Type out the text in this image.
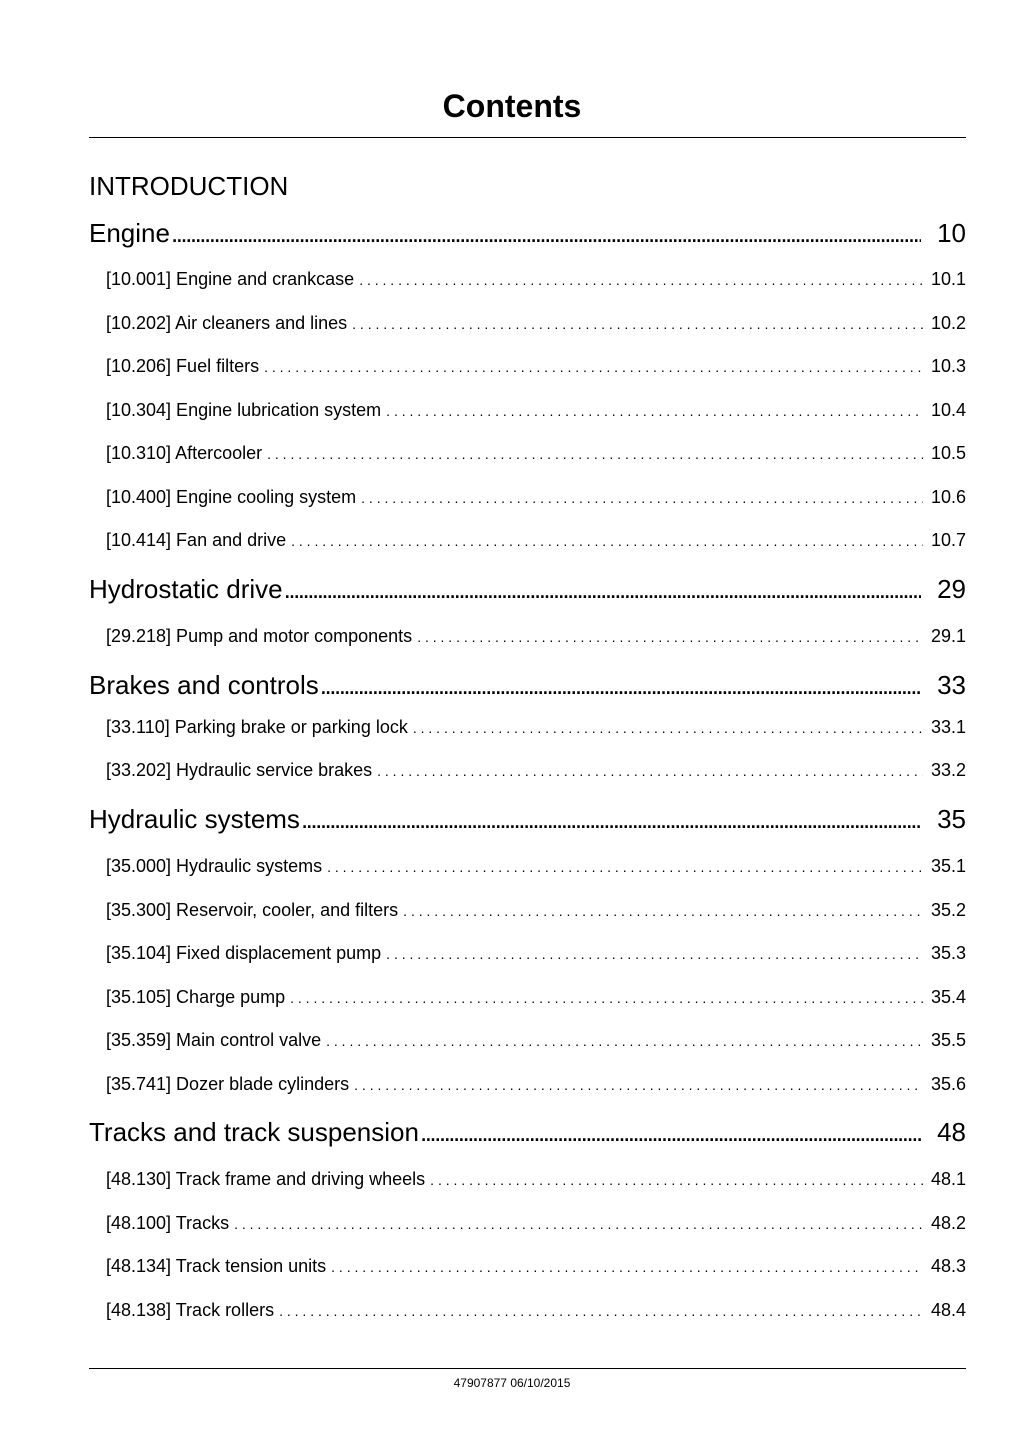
Contents
INTRODUCTION
Engine .....	10
[10.001] Engine and crankcase . . .	10.1
[10.202] Air cleaners and lines . . .	10.2
[10.206] Fuel filters . . .	10.3
[10.304] Engine lubrication system . . .	10.4
[10.310] Aftercooler . . .	10.5
[10.400] Engine cooling system . . .	10.6
[10.414] Fan and drive . . .	10.7
Hydrostatic drive .....	29
[29.218] Pump and motor components . . .	29.1
Brakes and controls .....	33
[33.110] Parking brake or parking lock . . .	33.1
[33.202] Hydraulic service brakes . . .	33.2
Hydraulic systems .....	35
[35.000] Hydraulic systems . . .	35.1
[35.300] Reservoir, cooler, and filters . . .	35.2
[35.104] Fixed displacement pump . . .	35.3
[35.105] Charge pump . . .	35.4
[35.359] Main control valve . . .	35.5
[35.741] Dozer blade cylinders . . .	35.6
Tracks and track suspension .....	48
[48.130] Track frame and driving wheels . . .	48.1
[48.100] Tracks . . .	48.2
[48.134] Track tension units . . .	48.3
[48.138] Track rollers . . .	48.4
47907877 06/10/2015
